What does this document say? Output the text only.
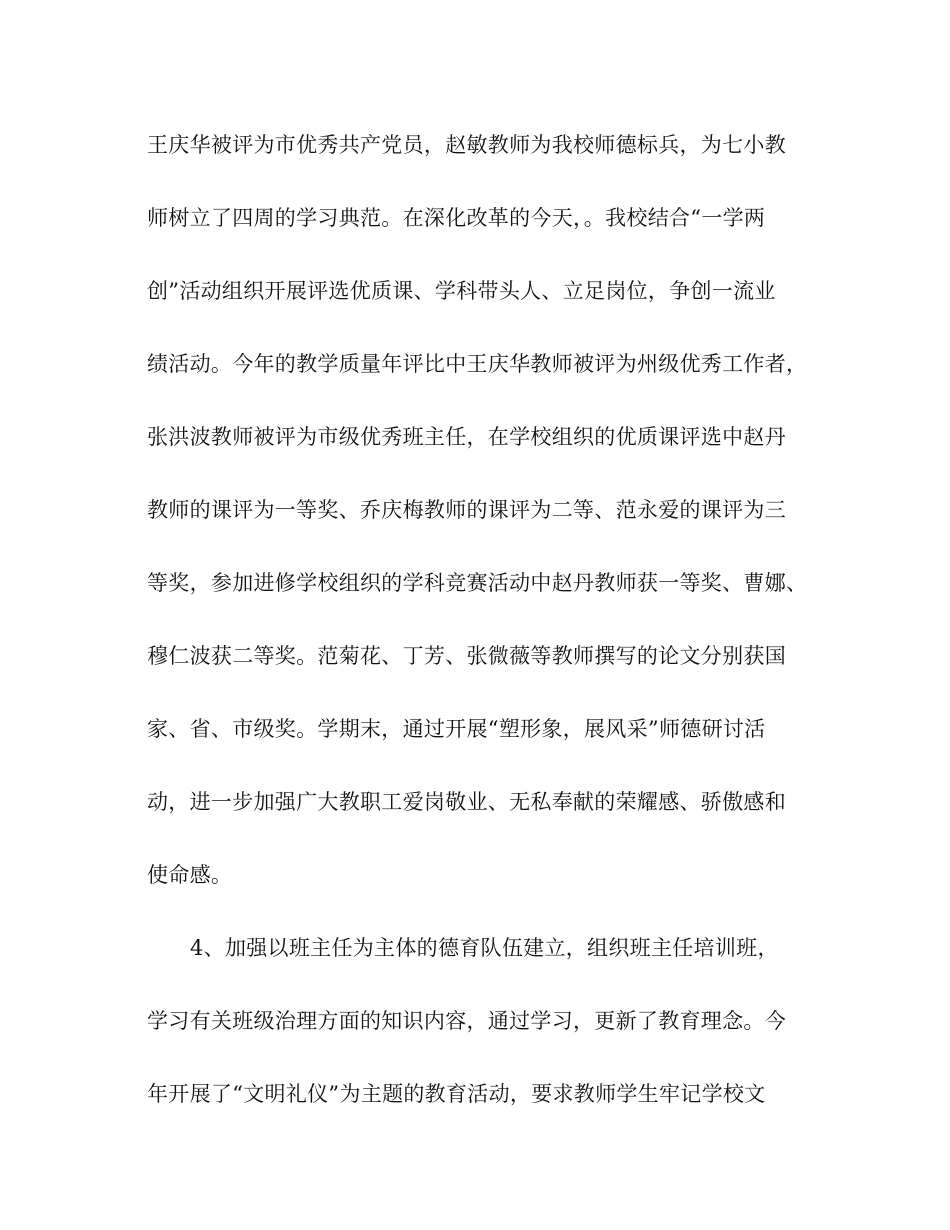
王庆华被评为市优秀共产党员，赵敏教师为我校师德标兵，为七小教

师树立了四周的学习典范。在深化改革的今天，。我校结合“一学两

创”活动组织开展评选优质课、学科带头人、立足岗位，争创一流业

绩活动。今年的教学质量年评比中王庆华教师被评为州级优秀工作者，

张洪波教师被评为市级优秀班主任，在学校组织的优质课评选中赵丹

教师的课评为一等奖、乔庆梅教师的课评为二等、范永爱的课评为三

等奖，参加进修学校组织的学科竞赛活动中赵丹教师获一等奖、曹娜、

穆仁波获二等奖。范菊花、丁芳、张微薇等教师撰写的论文分别获国

家、省、市级奖。学期末，通过开展“塑形象，展风采”师德研讨活

动，进一步加强广大教职工爱岗敬业、无私奉献的荣耀感、骄傲感和

使命感。

4、加强以班主任为主体的德育队伍建立，组织班主任培训班，

学习有关班级治理方面的知识内容，通过学习，更新了教育理念。今

年开展了“文明礼仪”为主题的教育活动，要求教师学生牢记学校文
